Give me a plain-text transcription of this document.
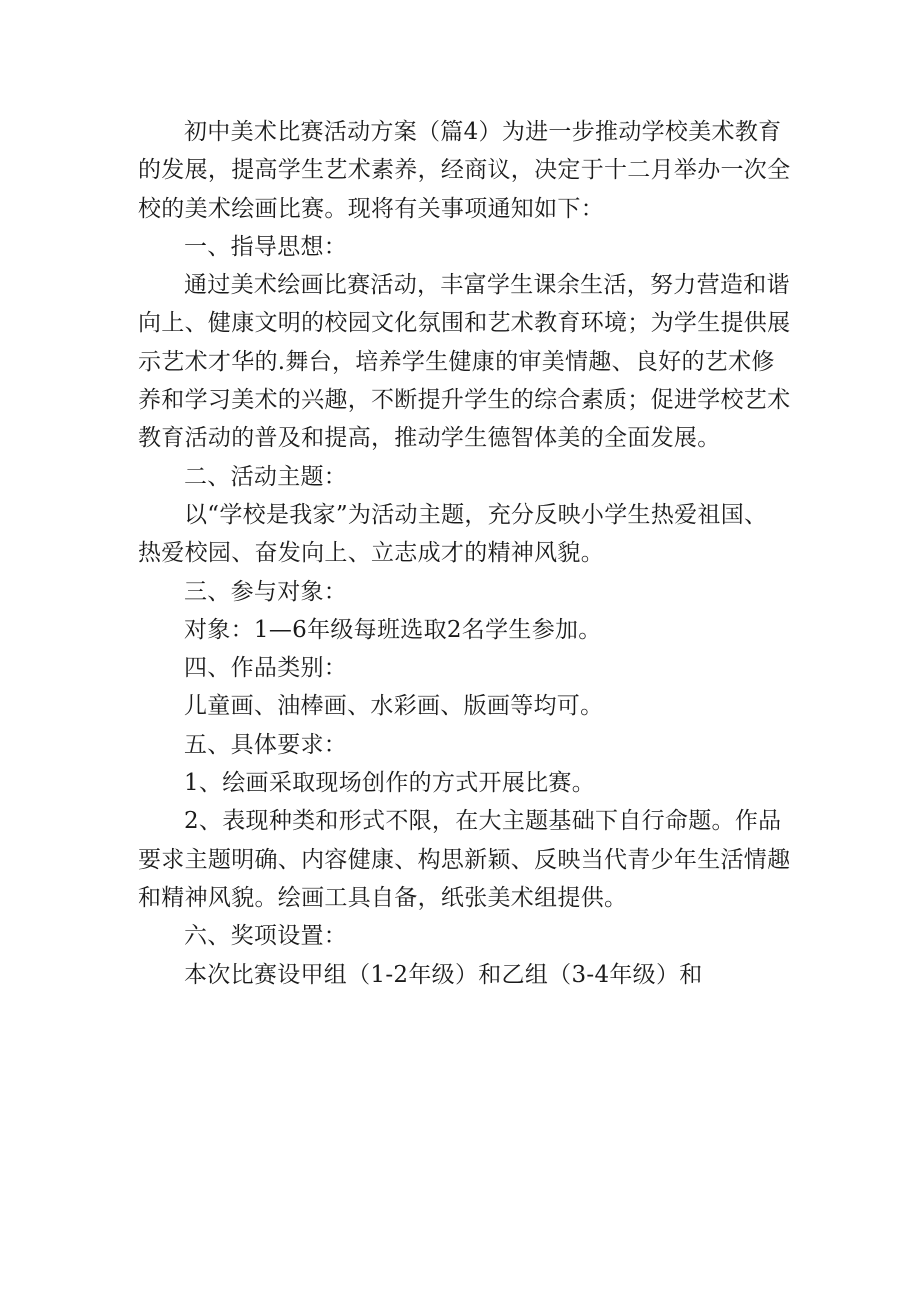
初中美术比赛活动方案（篇4）为进一步推动学校美术教育
的发展，提高学生艺术素养，经商议，决定于十二月举办一次全
校的美术绘画比赛。现将有关事项通知如下：
一、指导思想：
通过美术绘画比赛活动，丰富学生课余生活，努力营造和谐
向上、健康文明的校园文化氛围和艺术教育环境；为学生提供展
示艺术才华的.舞台，培养学生健康的审美情趣、良好的艺术修
养和学习美术的兴趣，不断提升学生的综合素质；促进学校艺术
教育活动的普及和提高，推动学生德智体美的全面发展。
二、活动主题：
以“学校是我家”为活动主题，充分反映小学生热爱祖国、
热爱校园、奋发向上、立志成才的精神风貌。
三、参与对象：
对象：1—6年级每班选取2名学生参加。
四、作品类别：
儿童画、油棒画、水彩画、版画等均可。
五、具体要求：
1、绘画采取现场创作的方式开展比赛。
2、表现种类和形式不限，在大主题基础下自行命题。作品
要求主题明确、内容健康、构思新颖、反映当代青少年生活情趣
和精神风貌。绘画工具自备，纸张美术组提供。
六、奖项设置：
本次比赛设甲组（1-2年级）和乙组（3-4年级）和
